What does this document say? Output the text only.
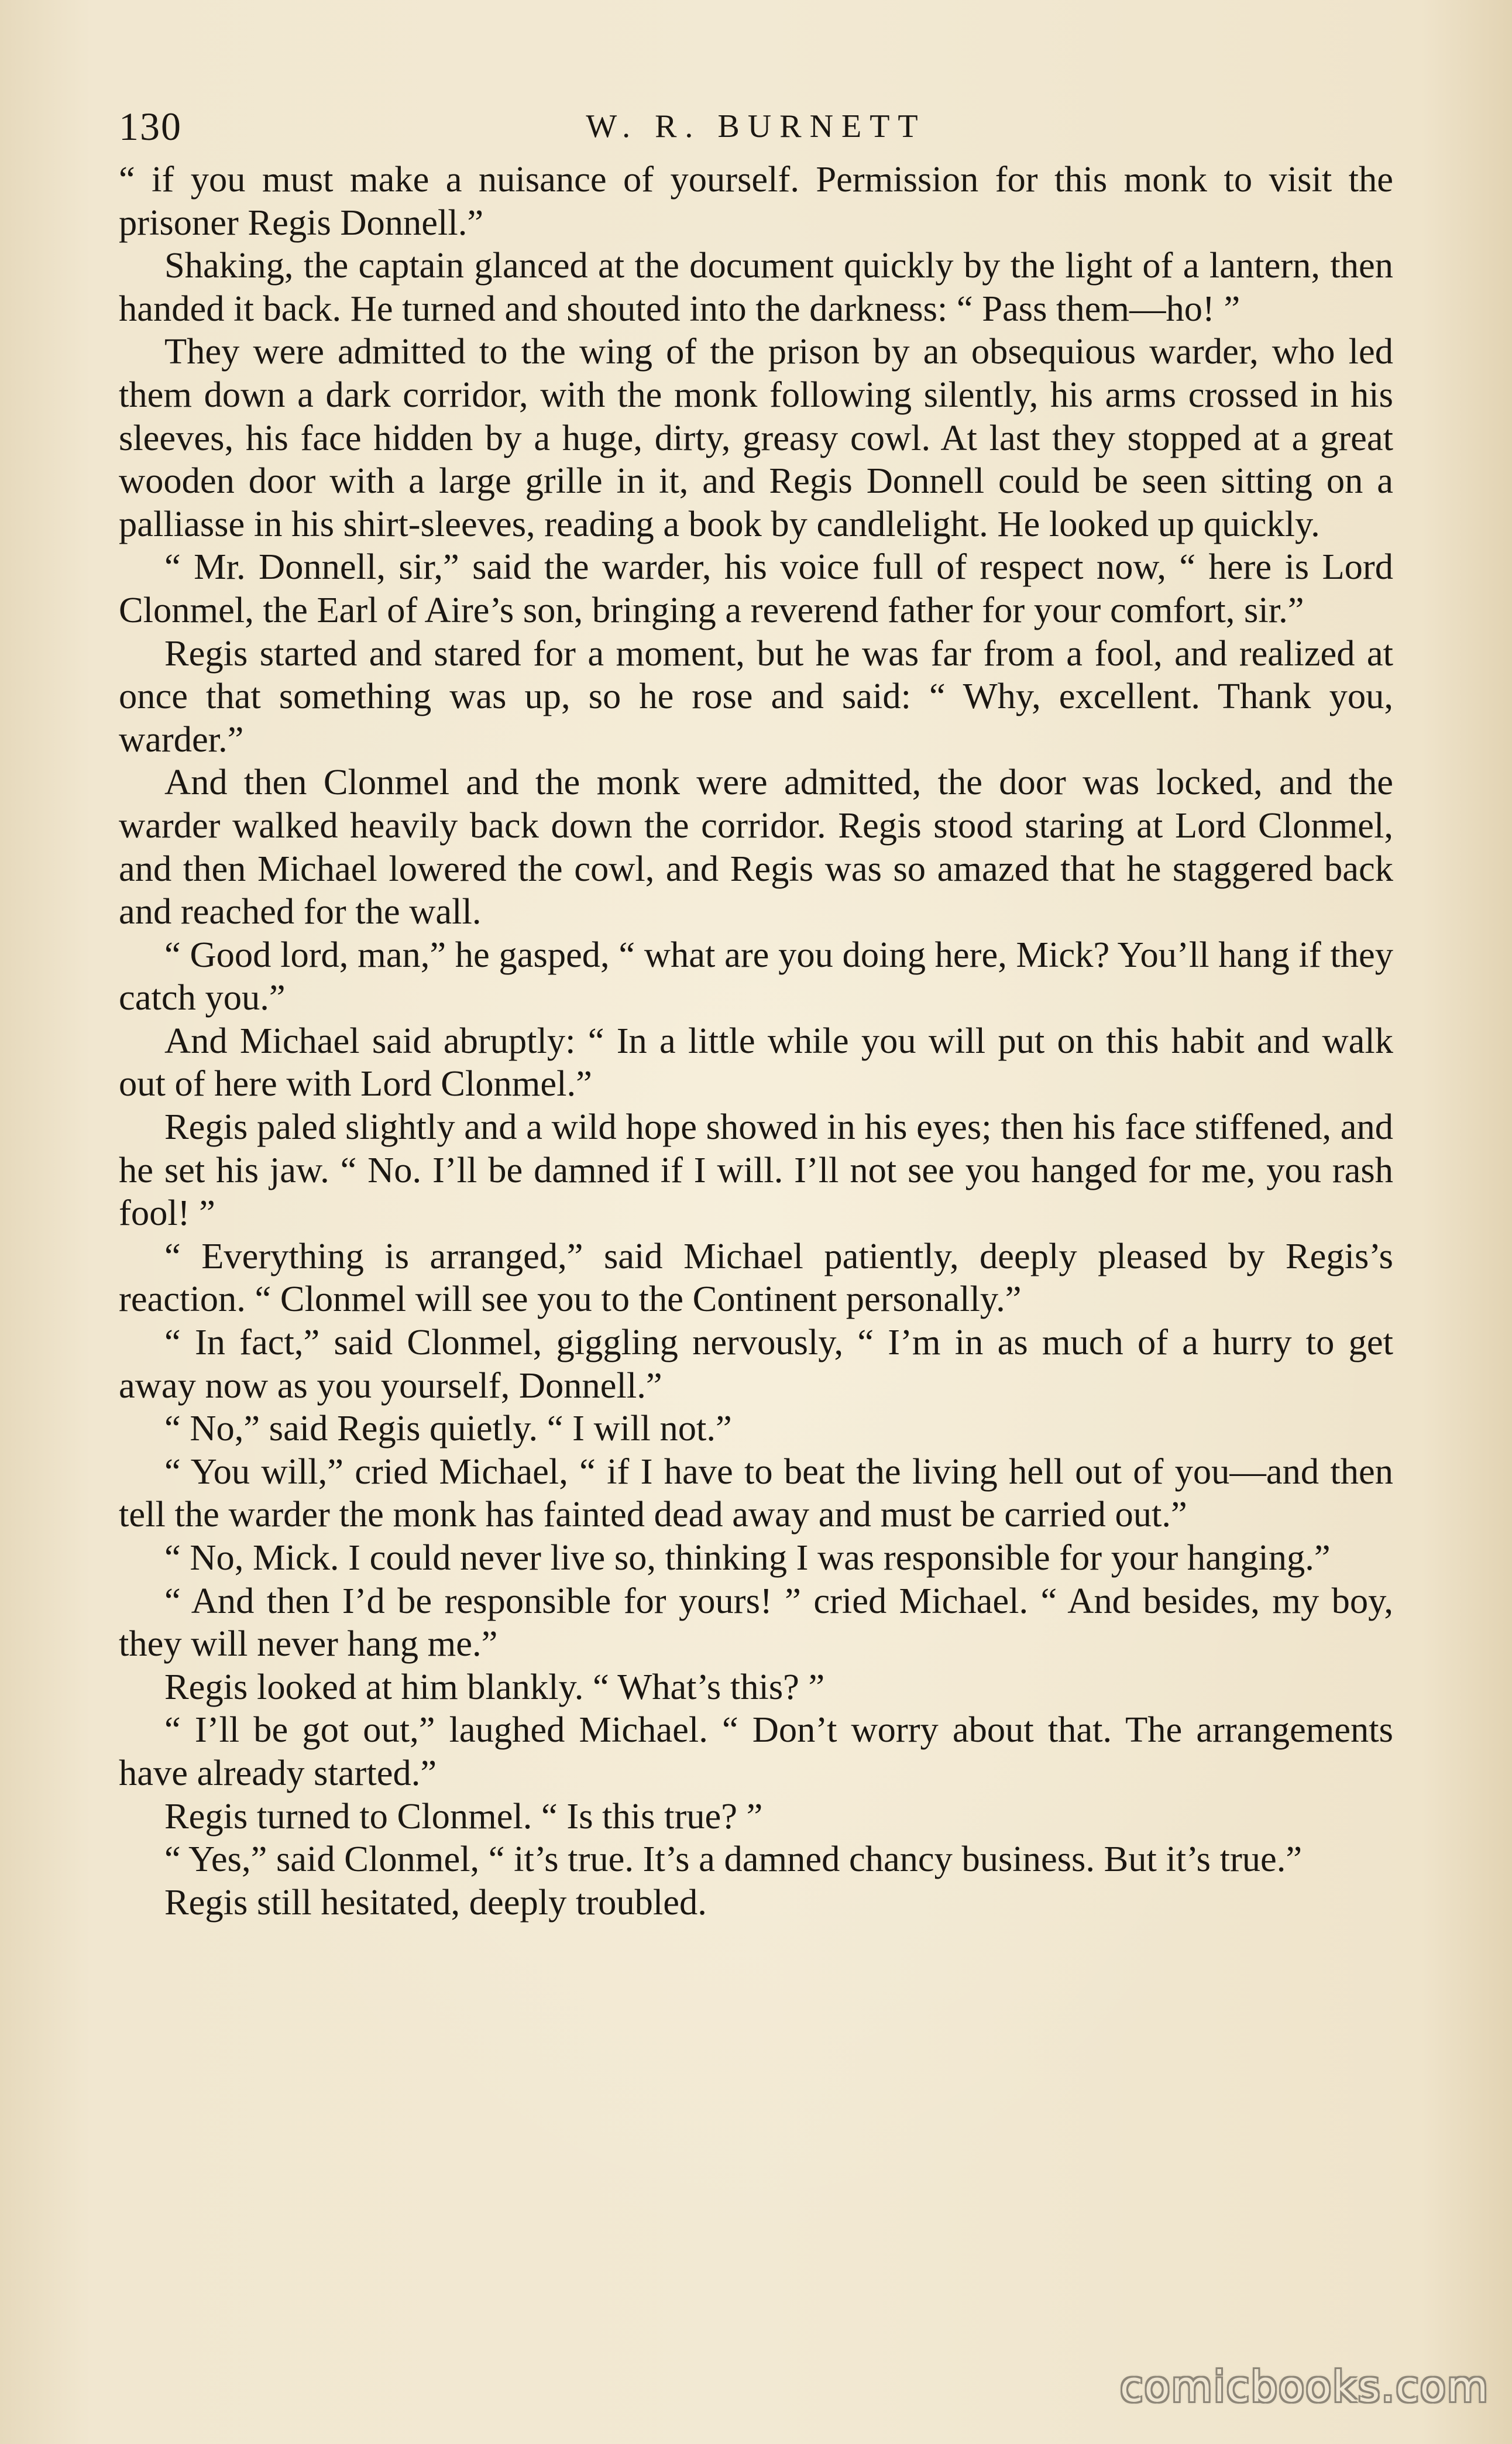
130	W. R. BURNETT

“ if you must make a nuisance of yourself. Permission for this monk to visit the prisoner Regis Donnell.”

Shaking, the captain glanced at the document quickly by the light of a lantern, then handed it back. He turned and shouted into the darkness: “ Pass them—ho! ”

They were admitted to the wing of the prison by an obsequious warder, who led them down a dark corridor, with the monk following silently, his arms crossed in his sleeves, his face hidden by a huge, dirty, greasy cowl. At last they stopped at a great wooden door with a large grille in it, and Regis Donnell could be seen sitting on a palliasse in his shirt-sleeves, reading a book by candlelight. He looked up quickly.

“ Mr. Donnell, sir,” said the warder, his voice full of respect now, “ here is Lord Clonmel, the Earl of Aire’s son, bringing a reverend father for your comfort, sir.”

Regis started and stared for a moment, but he was far from a fool, and realized at once that something was up, so he rose and said: “ Why, excellent. Thank you, warder.”

And then Clonmel and the monk were admitted, the door was locked, and the warder walked heavily back down the corridor. Regis stood staring at Lord Clonmel, and then Michael lowered the cowl, and Regis was so amazed that he staggered back and reached for the wall.

“ Good lord, man,” he gasped, “ what are you doing here, Mick? You’ll hang if they catch you.”

And Michael said abruptly: “ In a little while you will put on this habit and walk out of here with Lord Clonmel.”

Regis paled slightly and a wild hope showed in his eyes; then his face stiffened, and he set his jaw. “ No. I’ll be damned if I will. I’ll not see you hanged for me, you rash fool! ”

“ Everything is arranged,” said Michael patiently, deeply pleased by Regis’s reaction. “ Clonmel will see you to the Continent personally.”

“ In fact,” said Clonmel, giggling nervously, “ I’m in as much of a hurry to get away now as you yourself, Donnell.”

“ No,” said Regis quietly. “ I will not.”

“ You will,” cried Michael, “ if I have to beat the living hell out of you—and then tell the warder the monk has fainted dead away and must be carried out.”

“ No, Mick. I could never live so, thinking I was responsible for your hanging.”

“ And then I’d be responsible for yours! ” cried Michael. “ And besides, my boy, they will never hang me.”

Regis looked at him blankly. “ What’s this? ”

“ I’ll be got out,” laughed Michael. “ Don’t worry about that. The arrangements have already started.”

Regis turned to Clonmel. “ Is this true? ”

“ Yes,” said Clonmel, “ it’s true. It’s a damned chancy business. But it’s true.”

Regis still hesitated, deeply troubled.

comicbooks.com
